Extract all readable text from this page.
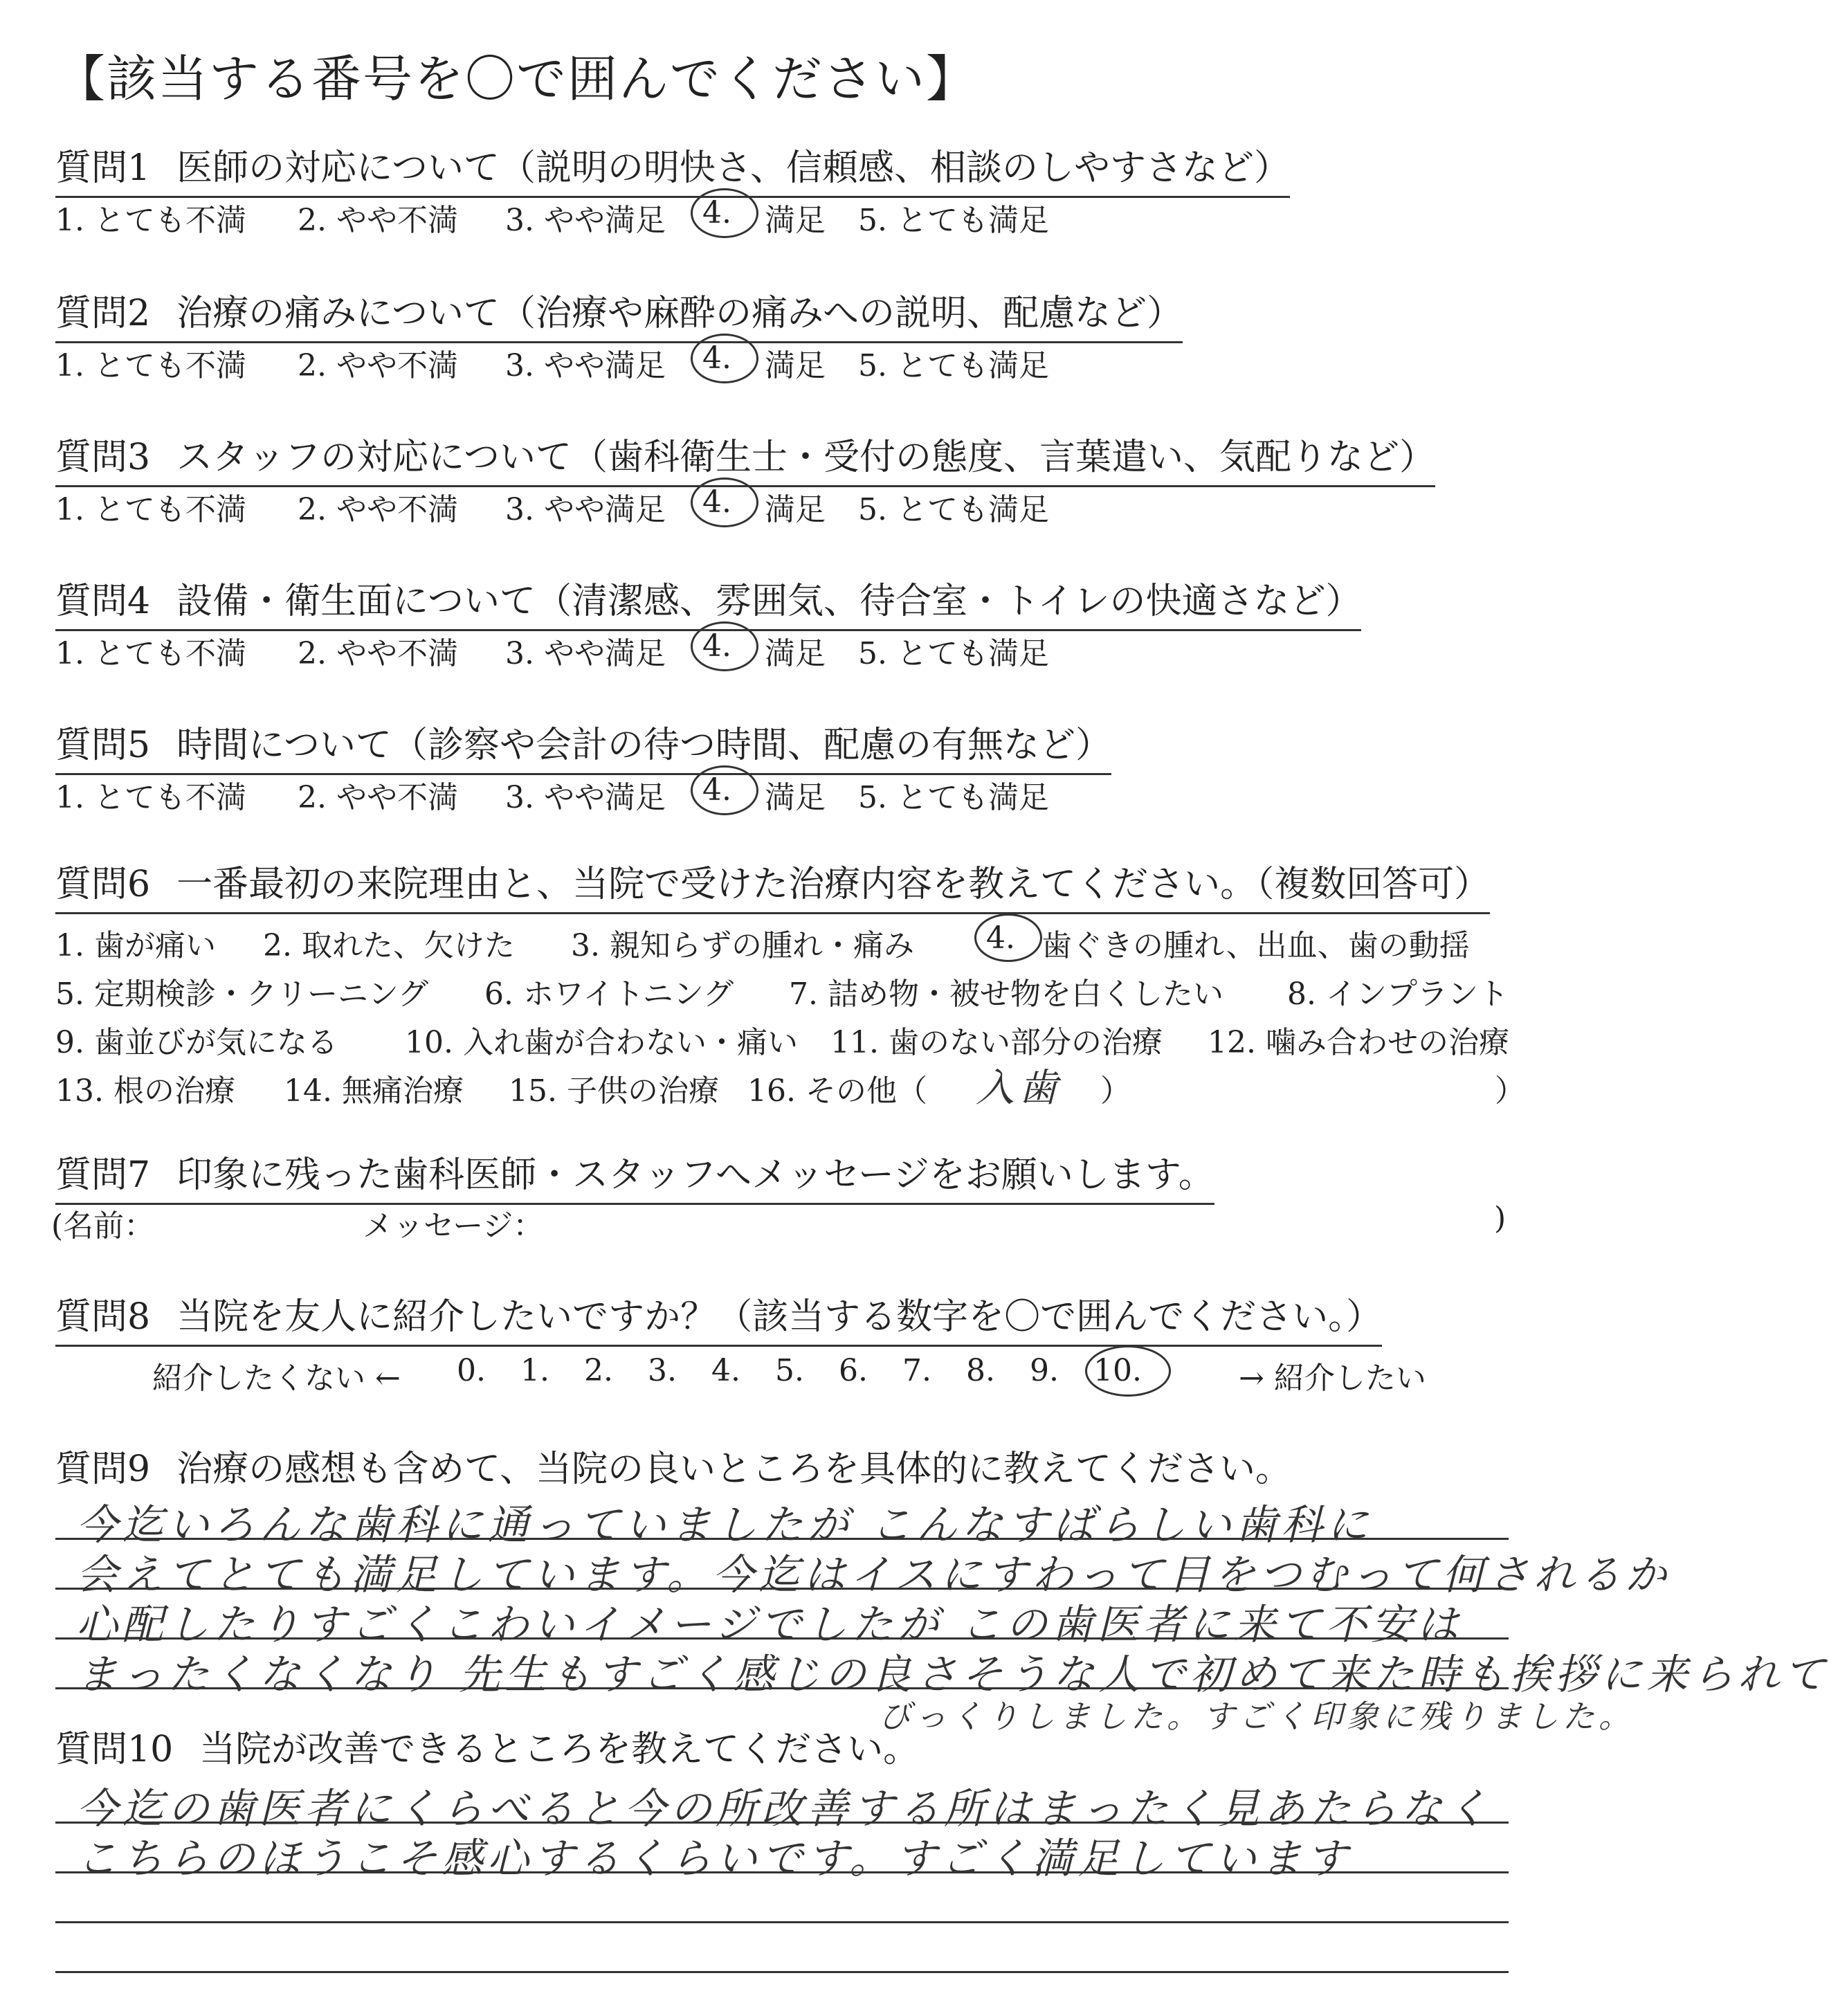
【該当する番号を〇で囲んでください】
質問1 医師の対応について（説明の明快さ、信頼感、相談のしやすさなど）
1. とても不満 2. やや不満 3. やや満足 4. 満足 5. とても満足
質問2 治療の痛みについて（治療や麻酔の痛みへの説明、配慮など）
1. とても不満 2. やや不満 3. やや満足 4. 満足 5. とても満足
質問3 スタッフの対応について（歯科衛生士・受付の態度、言葉遣い、気配りなど）
1. とても不満 2. やや不満 3. やや満足 4. 満足 5. とても満足
質問4 設備・衛生面について（清潔感、雰囲気、待合室・トイレの快適さなど）
1. とても不満 2. やや不満 3. やや満足 4. 満足 5. とても満足
質問5 時間について（診察や会計の待つ時間、配慮の有無など）
1. とても不満 2. やや不満 3. やや満足 4. 満足 5. とても満足
質問6 一番最初の来院理由と、当院で受けた治療内容を教えてください。（複数回答可）
1. 歯が痛い 2. 取れた、欠けた 3. 親知らずの腫れ・痛み 4. 歯ぐきの腫れ、出血、歯の動揺
5. 定期検診・クリーニング 6. ホワイトニング 7. 詰め物・被せ物を白くしたい 8. インプラント
9. 歯並びが気になる 10. 入れ歯が合わない・痛い 11. 歯のない部分の治療 12. 噛み合わせの治療
13. 根の治療 14. 無痛治療 15. 子供の治療 16. その他（ 入歯 ）	）
質問7 印象に残った歯科医師・スタッフへメッセージをお願いします。
(名前：	メッセージ：	)
質問8 当院を友人に紹介したいですか？（該当する数字を〇で囲んでください。）
紹介したくない ← 0. 1. 2. 3. 4. 5. 6. 7. 8. 9. 10.	→ 紹介したい
質問9 治療の感想も含めて、当院の良いところを具体的に教えてください。
今迄いろんな歯科に通っていましたが こんなすばらしい歯科に
会えてとても満足しています。今迄はイスにすわって目をつむって何されるか
心配したりすごくこわいイメージでしたが この歯医者に来て不安は
まったくなくなり 先生もすごく感じの良さそうな人で初めて来た時も挨拶に来られて
びっくりしました。すごく印象に残りました。
質問10 当院が改善できるところを教えてください。
今迄の歯医者にくらべると今の所改善する所はまったく見あたらなく
こちらのほうこそ感心するくらいです。すごく満足しています
